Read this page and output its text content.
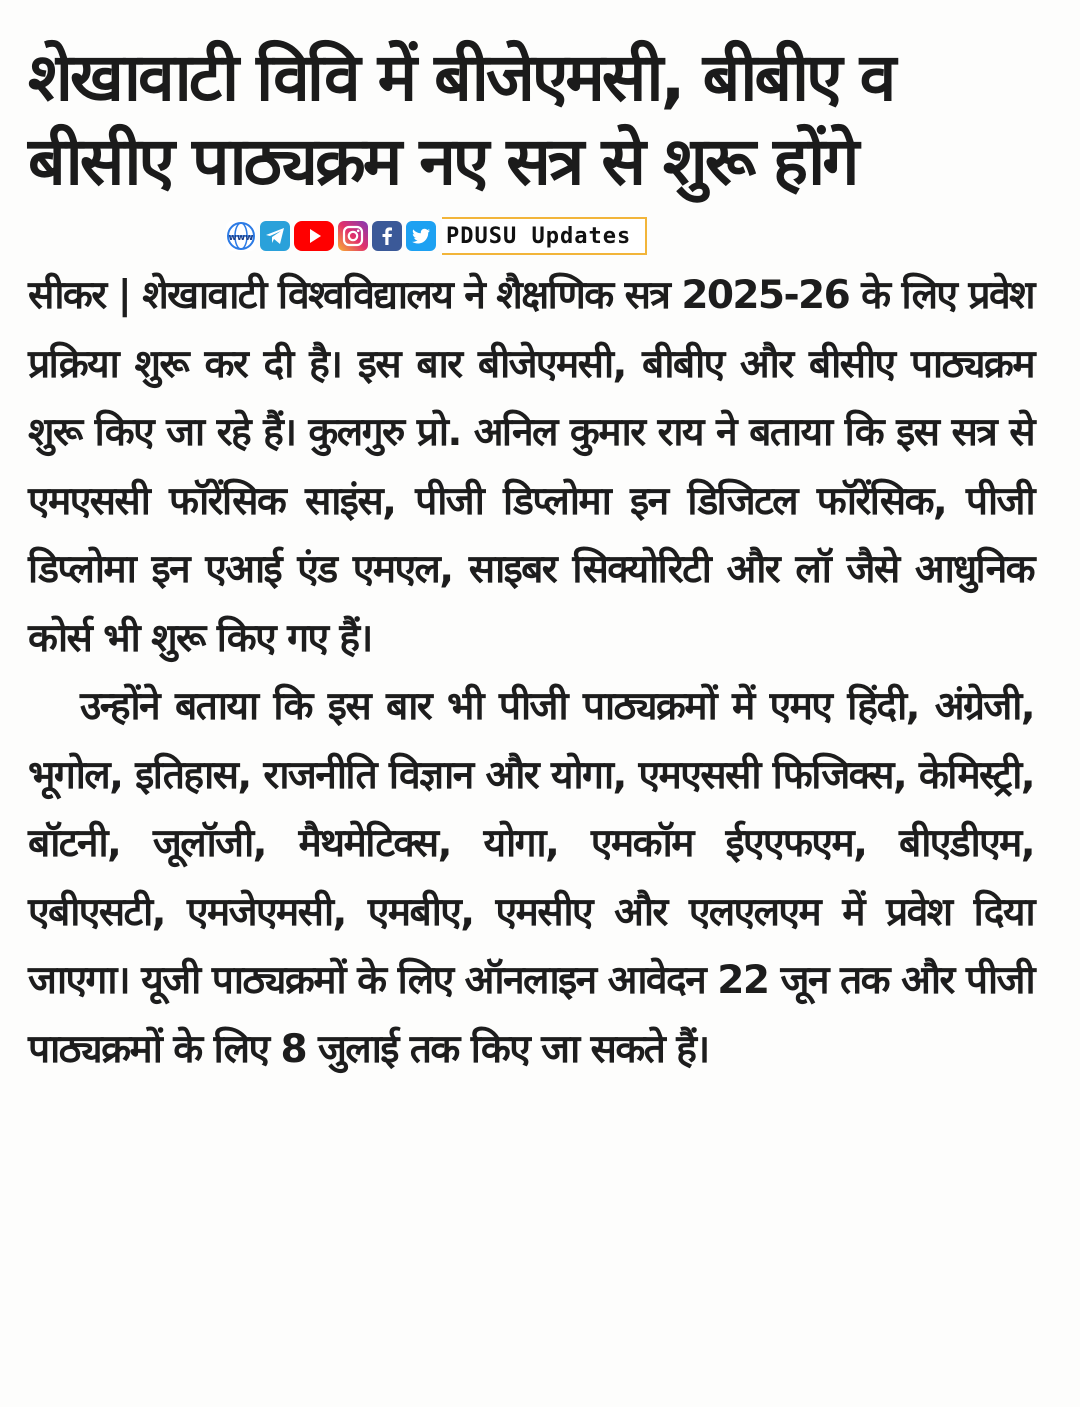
शेखावाटी विवि में बीजेएमसी, बीबीए व
बीसीए पाठ्यक्रम नए सत्र से शुरू होंगे
www	PDUSU Updates

सीकर | शेखावाटी विश्वविद्यालय ने शैक्षणिक सत्र 2025-26 के लिए प्रवेश प्रक्रिया शुरू कर दी है। इस बार बीजेएमसी, बीबीए और बीसीए पाठ्यक्रम शुरू किए जा रहे हैं। कुलगुरु प्रो. अनिल कुमार राय ने बताया कि इस सत्र से एमएससी फॉरेंसिक साइंस, पीजी डिप्लोमा इन डिजिटल फॉरेंसिक, पीजी डिप्लोमा इन एआई एंड एमएल, साइबर सिक्योरिटी और लॉ जैसे आधुनिक कोर्स भी शुरू किए गए हैं।

उन्होंने बताया कि इस बार भी पीजी पाठ्यक्रमों में एमए हिंदी, अंग्रेजी, भूगोल, इतिहास, राजनीति विज्ञान और योगा, एमएससी फिजिक्स, केमिस्ट्री, बॉटनी, जूलॉजी, मैथमेटिक्स, योगा, एमकॉम ईएएफएम, बीएडीएम, एबीएसटी, एमजेएमसी, एमबीए, एमसीए और एलएलएम में प्रवेश दिया जाएगा। यूजी पाठ्यक्रमों के लिए ऑनलाइन आवेदन 22 जून तक और पीजी पाठ्यक्रमों के लिए 8 जुलाई तक किए जा सकते हैं।
